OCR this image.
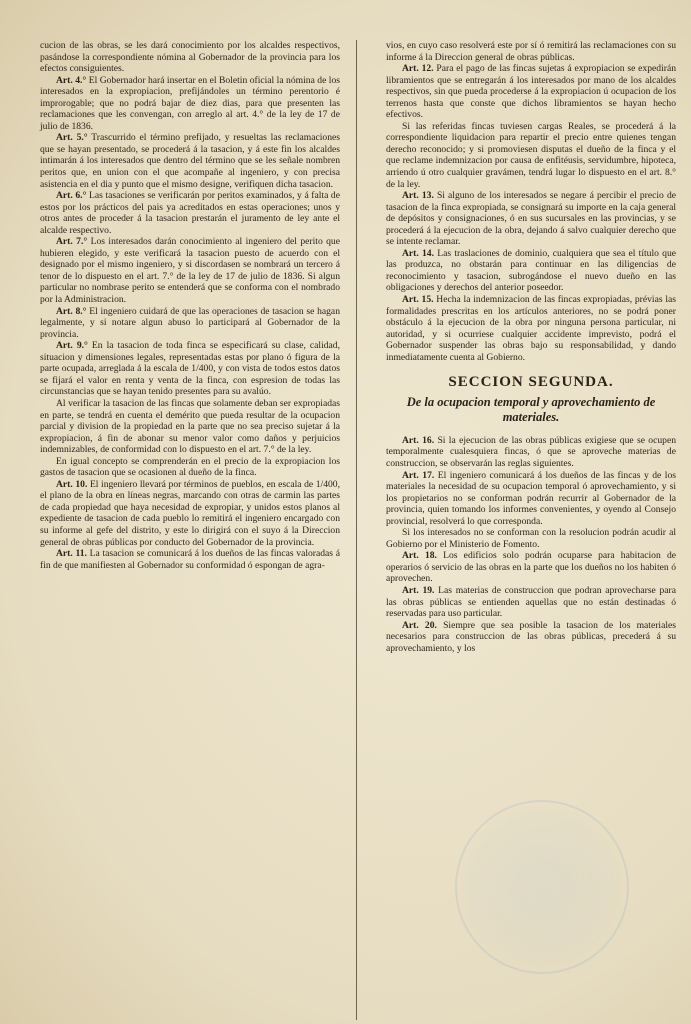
cucion de las obras, se les dará conocimiento por los alcaldes respectivos, pasándose la correspondiente nómina al Gobernador de la provincia para los efectos consiguientes.

Art. 4.° El Gobernador hará insertar en el Boletin oficial la nómina de los interesados en la expropiacion, prefijándoles un término perentorio é improrogable; que no podrá bajar de diez dias, para que presenten las reclamaciones que les convengan, con arreglo al art. 4.° de la ley de 17 de julio de 1836.

Art. 5.° Trascurrido el término prefijado, y resueltas las reclamaciones que se hayan presentado, se procederá á la tasacion, y á este fin los alcaldes intimarán á los interesados que dentro del término que se les señale nombren peritos que, en union con el que acompañe al ingeniero, y con precisa asistencia en el dia y punto que el mismo designe, verifiquen dicha tasacion.

Art. 6.° Las tasaciones se verificarán por peritos examinados, y á falta de estos por los prácticos del pais ya acreditados en estas operaciones; unos y otros antes de proceder á la tasacion prestarán el juramento de ley ante el alcalde respectivo.

Art. 7.° Los interesados darán conocimiento al ingeniero del perito que hubieren elegido, y este verificará la tasacion puesto de acuerdo con el designado por el mismo ingeniero, y si discordasen se nombrará un tercero á tenor de lo dispuesto en el art. 7.° de la ley de 17 de julio de 1836. Si algun particular no nombrase perito se entenderá que se conforma con el nombrado por la Administracion.

Art. 8.° El ingeniero cuidará de que las operaciones de tasacion se hagan legalmente, y si notare algun abuso lo participará al Gobernador de la provincia.

Art. 9.° En la tasacion de toda finca se especificará su clase, calidad, situacion y dimensiones legales, representadas estas por plano ó figura de la parte ocupada, arreglada á la escala de 1/400, y con vista de todos estos datos se fijará el valor en renta y venta de la finca, con espresion de todas las circunstancias que se hayan tenido presentes para su avalúo.

Al verificar la tasacion de las fincas que solamente deban ser expropiadas en parte, se tendrá en cuenta el demérito que pueda resultar de la ocupacion parcial y division de la propiedad en la parte que no sea preciso sujetar á la expropiacion, á fin de abonar su menor valor como daños y perjuicios indemnizables, de conformidad con lo dispuesto en el art. 7.° de la ley.

En igual concepto se comprenderán en el precio de la expropiacion los gastos de tasacion que se ocasionen al dueño de la finca.

Art. 10. El ingeniero llevará por términos de pueblos, en escala de 1/400, el plano de la obra en líneas negras, marcando con otras de carmin las partes de cada propiedad que haya necesidad de expropiar, y unidos estos planos al expediente de tasacion de cada pueblo lo remitirá el ingeniero encargado con su informe al gefe del distrito, y este lo dirigirá con el suyo á la Direccion general de obras públicas por conducto del Gobernador de la provincia.

Art. 11. La tasacion se comunicará á los dueños de las fincas valoradas á fin de que manifiesten al Gobernador su conformidad ó espongan de agra-

vios, en cuyo caso resolverá este por sí ó remitirá las reclamaciones con su informe á la Direccion general de obras públicas.

Art. 12. Para el pago de las fincas sujetas á expropiacion se expedirán libramientos que se entregarán á los interesados por mano de los alcaldes respectivos, sin que pueda procederse á la expropiacion ú ocupacion de los terrenos hasta que conste que dichos libramientos se hayan hecho efectivos.

Si las referidas fincas tuviesen cargas Reales, se procederá á la correspondiente liquidacion para repartir el precio entre quienes tengan derecho reconocido; y si promoviesen disputas el dueño de la finca y el que reclame indemnizacion por causa de enfitéusis, servidumbre, hipoteca, arriendo ú otro cualquier gravámen, tendrá lugar lo dispuesto en el art. 8.° de la ley.

Art. 13. Si alguno de los interesados se negare á percibir el precio de tasacion de la finca expropiada, se consignará su importe en la caja general de depósitos y consignaciones, ó en sus sucursales en las provincias, y se procederá á la ejecucion de la obra, dejando á salvo cualquier derecho que se intente reclamar.

Art. 14. Las traslaciones de dominio, cualquiera que sea el título que las produzca, no obstarán para continuar en las diligencias de reconocimiento y tasacion, subrogándose el nuevo dueño en las obligaciones y derechos del anterior poseedor.

Art. 15. Hecha la indemnizacion de las fincas expropiadas, prévias las formalidades prescritas en los artículos anteriores, no se podrá poner obstáculo á la ejecucion de la obra por ninguna persona particular, ni autoridad, y si ocurriese cualquier accidente imprevisto, podrá el Gobernador suspender las obras bajo su responsabilidad, y dando inmediatamente cuenta al Gobierno.

SECCION SEGUNDA.

De la ocupacion temporal y aprovechamiento de materiales.

Art. 16. Si la ejecucion de las obras públicas exigiese que se ocupen temporalmente cualesquiera fincas, ó que se aproveche materias de construccion, se observarán las reglas siguientes.

Art. 17. El ingeniero comunicará á los dueños de las fincas y de los materiales la necesidad de su ocupacion temporal ó aprovechamiento, y si los propietarios no se conforman podrán recurrir al Gobernador de la provincia, quien tomando los informes convenientes, y oyendo al Consejo provincial, resolverá lo que corresponda.

Si los interesados no se conforman con la resolucion podrán acudir al Gobierno por el Ministerio de Fomento.

Art. 18. Los edificios solo podrán ocuparse para habitacion de operarios ó servicio de las obras en la parte que los dueños no los habiten ó aprovechen.

Art. 19. Las materias de construccion que podran aprovecharse para las obras públicas se entienden aquellas que no están destinadas ó reservadas para uso particular.

Art. 20. Siempre que sea posible la tasacion de los materiales necesarios para construccion de las obras públicas, precederá á su aprovechamiento, y los
